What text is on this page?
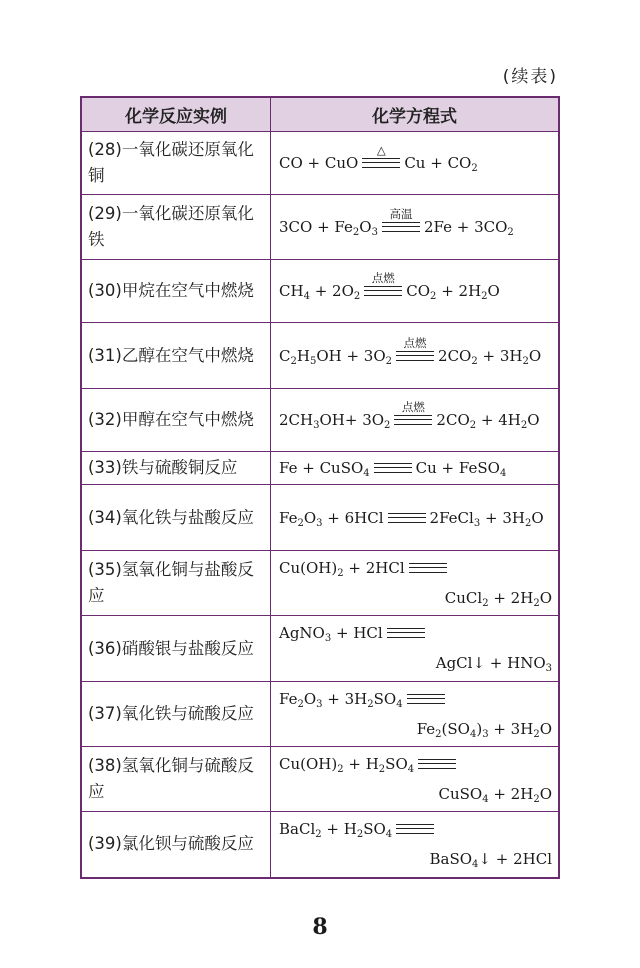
(续表)
化学反应实例	化学方程式
(28)一氧化碳还原氧化铜	CO + CuO
△
$Cu + CO_2$
(29)一氧化碳还原氧化铁	$3CO + Fe_2O_3$
高温
$2Fe + 3CO_2$
(30)甲烷在空气中燃烧	$CH_4 + 2O_2$
点燃
$CO_2 + 2H_2O$
(31)乙醇在空气中燃烧	$C_2H_5OH + 3O_2$
点燃
$2CO_2 + 3H_2O$
(32)甲醇在空气中燃烧	$2CH_3OH+ 3O_2$
点燃
$2CO_2 + 4H_2O$
(33)铁与硫酸铜反应	Fe + CuSO$_4$ Cu + FeSO$_4$
(34)氧化铁与盐酸反应	$Fe_2O_3 + 6HCl$ 2FeCl$_3$ + $3H_2O$
(35)氢氧化铜与盐酸反应	$Cu(OH)_2 + 2HCl$
CuCl$_2$ + $2H_2O$

(36)硝酸银与盐酸反应	AgNO$_3$ + HCl
AgCl↓ + $HNO_3$

(37)氧化铁与硫酸反应	$Fe_2O_3 + 3H_2SO_4$
$Fe_2(SO_4)_3 + 3H_2O$

(38)氢氧化铜与硫酸反应	$Cu(OH)_2 + H_2SO_4$
CuSO$_4$ + $2H_2O$

(39)氯化钡与硫酸反应	BaCl$_2$ + $H_2SO_4$
BaSO$_4$↓ + 2HCl
8
